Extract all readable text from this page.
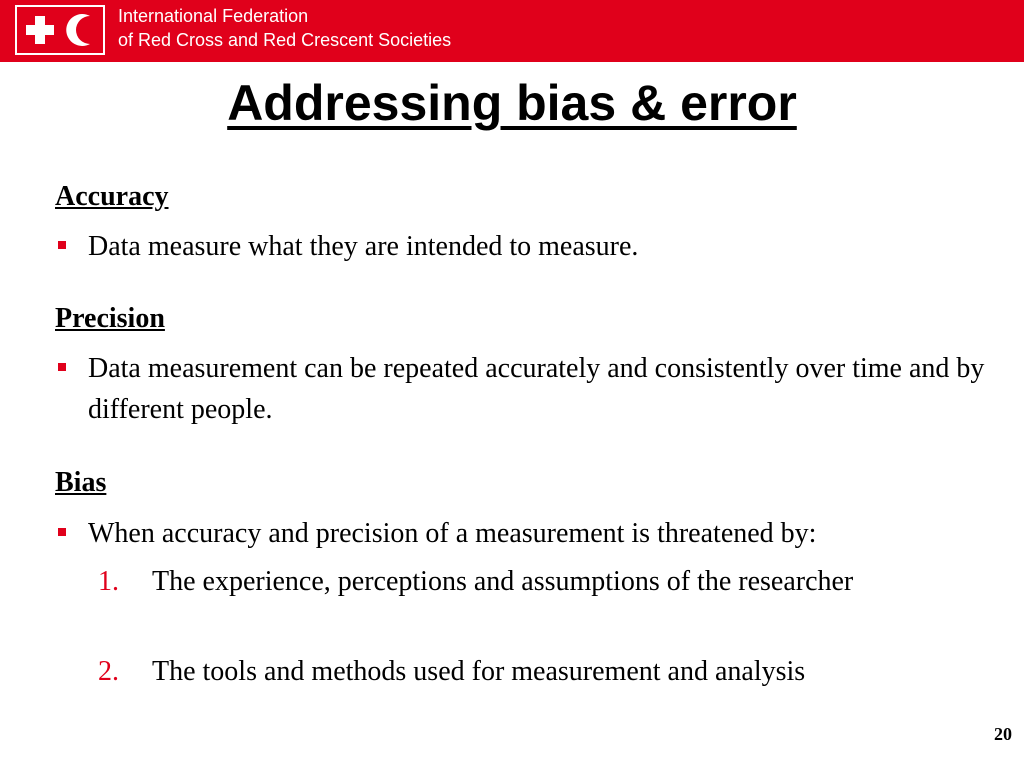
International Federation
of Red Cross and Red Crescent Societies
Addressing bias & error
Accuracy
Data measure what they are intended to measure.
Precision
Data measurement can be repeated accurately and consistently over time and by different people.
Bias
When accuracy and precision of a measurement is threatened by:
1. The experience, perceptions and assumptions of the researcher
2. The tools and methods used for measurement and analysis
20
